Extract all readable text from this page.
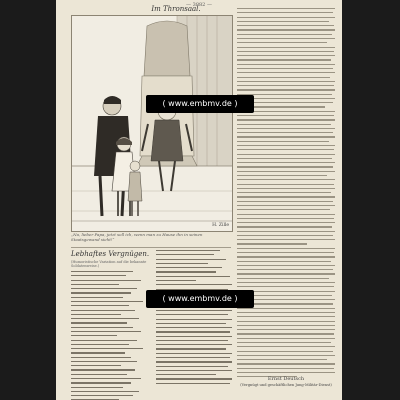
— 3882 —
Im Thronsaal.
H. Zille
„Na, lieber Papa, jetzt soll ich, wenn man zu Hause ihn in seinen Staatsgewand sieht!“
Lebhaftes Vergnügen.
(Humoristische Variation auf die bekannte Soldatenweise.)
Ernst Deutsch
(Vergnügt und geschäftlichen Jung-Militär-Dienst)
( www.embmv.de )
( www.embmv.de )
